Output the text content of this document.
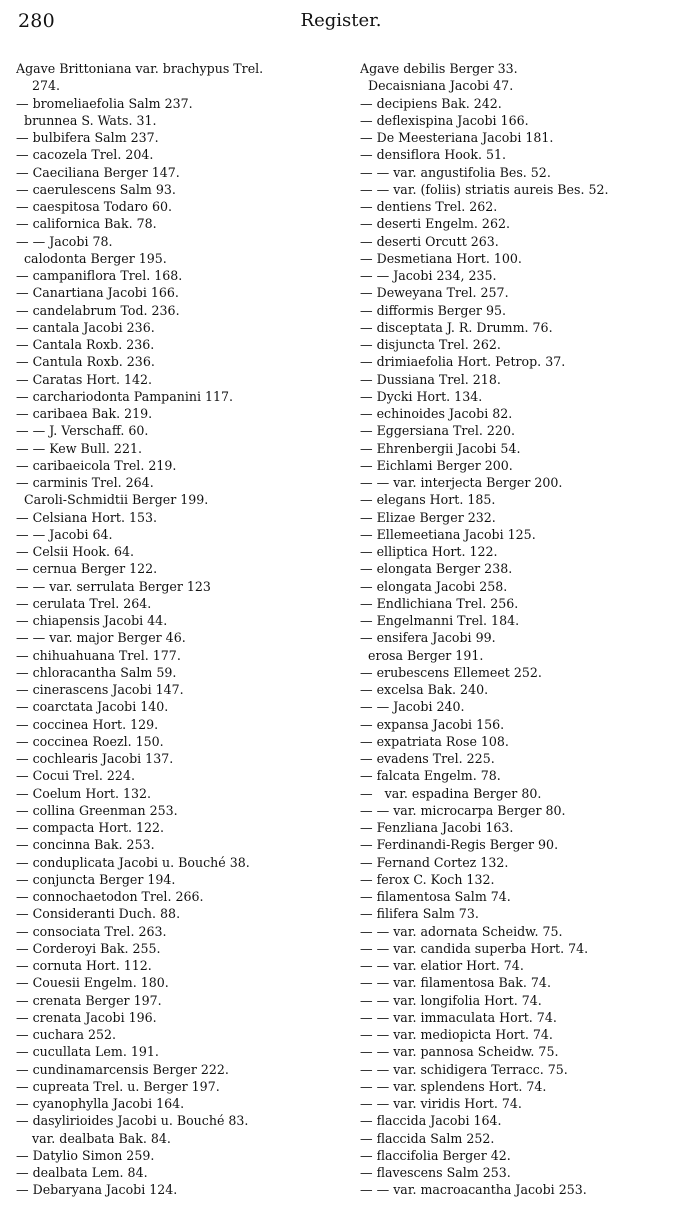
280	Register.
Agave Brittoniana var. brachypus Trel.
274.
— bromeliaefolia Salm 237.
brunnea S. Wats. 31.
— bulbifera Salm 237.
— cacozela Trel. 204.
— Caeciliana Berger 147.
— caerulescens Salm 93.
— caespitosa Todaro 60.
— californica Bak. 78.
— — Jacobi 78.
calodonta Berger 195.
— campaniflora Trel. 168.
— Canartiana Jacobi 166.
— candelabrum Tod. 236.
— cantala Jacobi 236.
— Cantala Roxb. 236.
— Cantula Roxb. 236.
— Caratas Hort. 142.
— carchariodonta Pampanini 117.
— caribaea Bak. 219.
— — J. Verschaff. 60.
— — Kew Bull. 221.
— caribaeicola Trel. 219.
— carminis Trel. 264.
Caroli-Schmidtii Berger 199.
— Celsiana Hort. 153.
— — Jacobi 64.
— Celsii Hook. 64.
— cernua Berger 122.
— — var. serrulata Berger 123
— cerulata Trel. 264.
— chiapensis Jacobi 44.
— — var. major Berger 46.
— chihuahuana Trel. 177.
— chloracantha Salm 59.
— cinerascens Jacobi 147.
— coarctata Jacobi 140.
— coccinea Hort. 129.
— coccinea Roezl. 150.
— cochlearis Jacobi 137.
— Cocui Trel. 224.
— Coelum Hort. 132.
— collina Greenman 253.
— compacta Hort. 122.
— concinna Bak. 253.
— conduplicata Jacobi u. Bouché 38.
— conjuncta Berger 194.
— connochaetodon Trel. 266.
— Consideranti Duch. 88.
— consociata Trel. 263.
— Corderoyi Bak. 255.
— cornuta Hort. 112.
— Couesii Engelm. 180.
— crenata Berger 197.
— crenata Jacobi 196.
— cuchara 252.
— cucullata Lem. 191.
— cundinamarcensis Berger 222.
— cupreata Trel. u. Berger 197.
— cyanophylla Jacobi 164.
— dasylirioides Jacobi u. Bouché 83.
var. dealbata Bak. 84.
— Datylio Simon 259.
— dealbata Lem. 84.
— Debaryana Jacobi 124.
Agave debilis Berger 33.
Decaisniana Jacobi 47.
— decipiens Bak. 242.
— deflexispina Jacobi 166.
— De Meesteriana Jacobi 181.
— densiflora Hook. 51.
— — var. angustifolia Bes. 52.
— — var. (foliis) striatis aureis Bes. 52.
— dentiens Trel. 262.
— deserti Engelm. 262.
— deserti Orcutt 263.
— Desmetiana Hort. 100.
— — Jacobi 234, 235.
— Deweyana Trel. 257.
— difformis Berger 95.
— disceptata J. R. Drumm. 76.
— disjuncta Trel. 262.
— drimiaefolia Hort. Petrop. 37.
— Dussiana Trel. 218.
— Dycki Hort. 134.
— echinoides Jacobi 82.
— Eggersiana Trel. 220.
— Ehrenbergii Jacobi 54.
— Eichlami Berger 200.
— — var. interjecta Berger 200.
— elegans Hort. 185.
— Elizae Berger 232.
— Ellemeetiana Jacobi 125.
— elliptica Hort. 122.
— elongata Berger 238.
— elongata Jacobi 258.
— Endlichiana Trel. 256.
— Engelmanni Trel. 184.
— ensifera Jacobi 99.
erosa Berger 191.
— erubescens Ellemeet 252.
— excelsa Bak. 240.
— — Jacobi 240.
— expansa Jacobi 156.
— expatriata Rose 108.
— evadens Trel. 225.
— falcata Engelm. 78.
—   var. espadina Berger 80.
— — var. microcarpa Berger 80.
— Fenzliana Jacobi 163.
— Ferdinandi-Regis Berger 90.
— Fernand Cortez 132.
— ferox C. Koch 132.
— filamentosa Salm 74.
— filifera Salm 73.
— — var. adornata Scheidw. 75.
— — var. candida superba Hort. 74.
— — var. elatior Hort. 74.
— — var. filamentosa Bak. 74.
— — var. longifolia Hort. 74.
— — var. immaculata Hort. 74.
— — var. mediopicta Hort. 74.
— — var. pannosa Scheidw. 75.
— — var. schidigera Terracc. 75.
— — var. splendens Hort. 74.
— — var. viridis Hort. 74.
— flaccida Jacobi 164.
— flaccida Salm 252.
— flaccifolia Berger 42.
— flavescens Salm 253.
— — var. macroacantha Jacobi 253.
